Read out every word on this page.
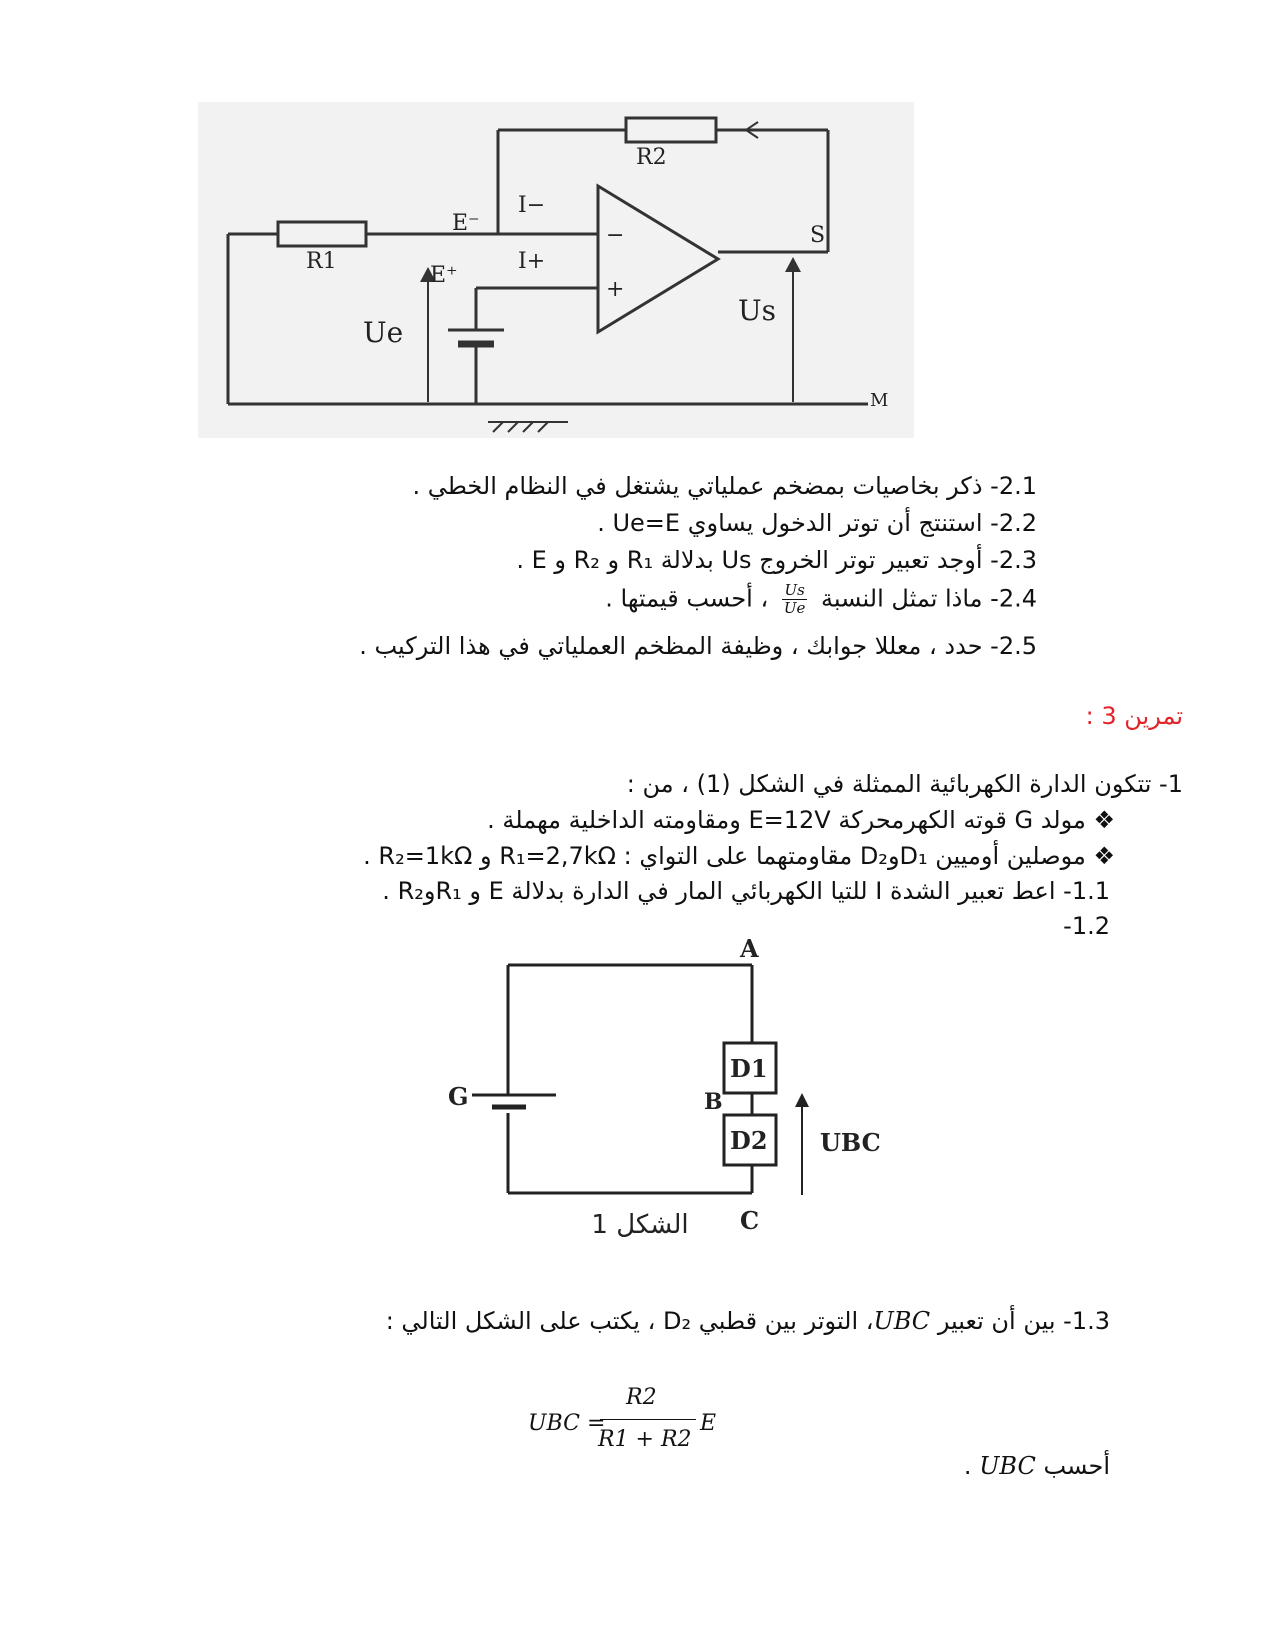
R2
R1
E⁻
E⁺
I−
I+
−
+
S
Ue
Us
M
2.1- ذكر بخاصيات بمضخم عملياتي يشتغل في النظام الخطي .
2.2- استنتج أن توتر الدخول يساوي Ue=E .
2.3- أوجد تعبير توتر الخروج Us بدلالة R₁ و R₂ و E .
2.4- ماذا تمثل النسبة
$\frac{Us}{Ue}$
، أحسب قيمتها .
2.5- حدد ، معللا جوابك ، وظيفة المظخم العملياتي في هذا التركيب .
تمرين 3 :
1- تتكون الدارة الكهربائية الممثلة في الشكل (1) ، من :
❖ مولد G قوته الكهرمحركة E=12V ومقاومته الداخلية مهملة .
❖ موصلين أوميين D₁وD₂ مقاومتهما على التواي : R₁=2,7kΩ و R₂=1kΩ .
1.1- اعط تعبير الشدة I للتيا الكهربائي المار في الدارة بدلالة E و R₁وR₂ .
1.2-
A
B
C
G
D1
D2 UBC
الشكل 1
1.3- بين أن تعبير UBC، التوتر بين قطبي D₂ ، يكتب على الشكل التالي :
UBC =
R2
R1 + R2
E
أحسب UBC .
